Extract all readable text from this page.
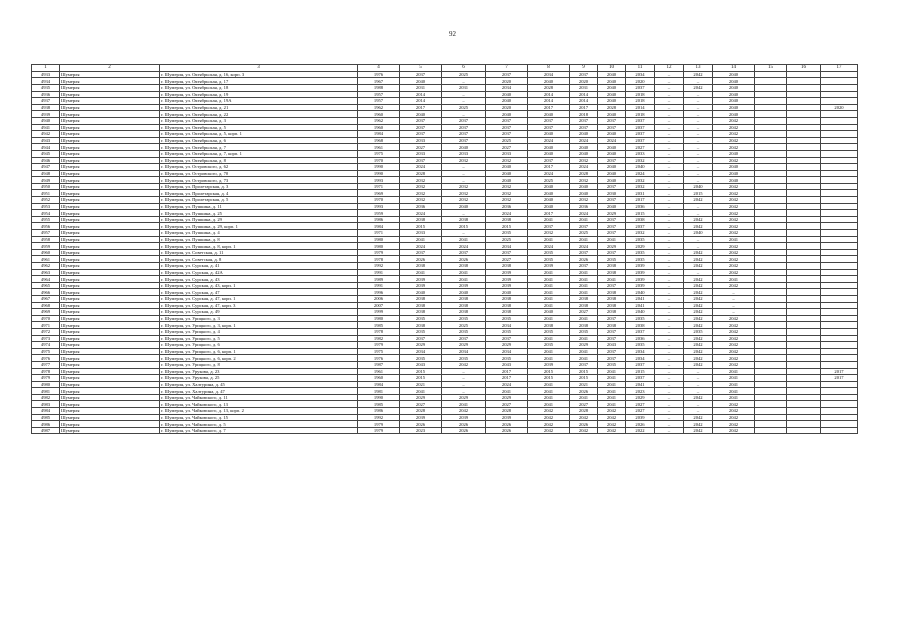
92
1	2	3	4	5	6	7	8	9	10	11	12	13	14	15	16	17
4933	Шумерля	г. Шумерля, ул. Октябрьская, д. 16, корп. 3	1976	2037	2025	2037	2034	2037	2040	2034	–	2042	2040			
4934	Шумерля	г. Шумерля, ул. Октябрьская, д. 17	1967	2040	–	2020	2040	2020	2040	2020	–	–	2040			
4935	Шумерля	г. Шумерля, ул. Октябрьская, д. 18	1988	2031	2031	2034	2028	2031	2040	2037	–	2042	2040			
4936	Шумерля	г. Шумерля, ул. Октябрьская, д. 19	1957	2014	–	2040	2014	2014	2040	2018	–	–	2040			
4937	Шумерля	г. Шумерля, ул. Октябрьская, д. 19А	1957	2014	–	2040	2014	2014	2040	2018	–	–	2040			
4938	Шумерля	г. Шумерля, ул. Октябрьская, д. 21	1962	2017	2025	2020	2017	2017	2028	2014	–	–	2040			2020
4939	Шумерля	г. Шумерля, ул. Октябрьская, д. 22	1960	2040	–	2040	2040	2018	2040	2018	–	–	2040			
4940	Шумерля	г. Шумерля, ул. Октябрьская, д. 3	1962	2037	2037	2037	2037	2037	2037	2037	–	–	2042			
4941	Шумерля	г. Шумерля, ул. Октябрьская, д. 5	1960	2037	2037	2037	2037	2037	2037	2037	–	–	2042			
4942	Шумерля	г. Шумерля, ул. Октябрьская, д. 5, корп. 1	1984	2037	2037	2037	2040	2040	2040	2037	–	–	2042			
4943	Шумерля	г. Шумерля, ул. Октябрьская, д. 6	1968	2033	2037	2025	2024	2024	2024	2037	–	–	2042			
4944	Шумерля	г. Шумерля, ул. Октябрьская, д. 7	1961	2027	2040	2027	2040	2040	2040	2027	–	–	2042			
4945	Шумерля	г. Шумерля, ул. Октябрьская, д. 7, корп. 1	1975	2033	2033	2033	2040	2040	2040	2033	–	–	2040			
4946	Шумерля	г. Шумерля, ул. Октябрьская, д. 8	1970	2037	2032	2032	2037	2032	2037	2032	–	–	2042			
4947	Шумерля	г. Шумерля, ул. Островского, д. 62	1990	2024	–	2040	2017	2024	2040	2040	–	–	2040			
4948	Шумерля	г. Шумерля, ул. Островского, д. 70	1990	2028	–	2040	2024	2028	2040	2024	–	–	2040			
4949	Шумерля	г. Шумерля, ул. Островского, д. 73	1993	2032	–	2040	2025	2032	2040	2032	–	–	2040			
4950	Шумерля	г. Шумерля, ул. Пролетарская, д. 3	1971	2032	2032	2032	2040	2040	2037	2032	–	2040	2042			
4951	Шумерля	г. Шумерля, ул. Пролетарская, д. 4	1969	2032	2032	2032	2040	2040	2030	2031	–	2015	2042			
4952	Шумерля	г. Шумерля, ул. Пролетарская, д. 5	1970	2032	2032	2032	2040	2032	2037	2017	–	2042	2042			
4953	Шумерля	г. Шумерля, ул. Пушкина, д. 11	1993	2036	2040	2036	2040	2036	2040	2036	–	–	2042			
4954	Шумерля	г. Шумерля, ул. Пушкина, д. 25	1959	2024	–	2024	2017	2024	2029	2015	–	–	2042			
4955	Шумерля	г. Шумерля, ул. Пушкина, д. 29	1986	2038	2038	2038	2041	2041	2037	2038	–	2042	2042			
4956	Шумерля	г. Шумерля, ул. Пушкина, д. 29, корп. 1	1984	2015	2015	2015	2037	2037	2037	2037	–	2042	2042			
4957	Шумерля	г. Шумерля, ул. Пушкина, д. 4	1971	2033	–	2035	2032	2025	2037	2032	–	2040	2042			
4958	Шумерля	г. Шумерля, ул. Пушкина, д. 8	1980	2041	2041	2025	2041	2041	2041	2035	–	–	2041			
4959	Шумерля	г. Шумерля, ул. Пушкина, д. 8, корп. 1	1980	2024	2024	2034	2024	2024	2029	2029	–	–	2042			
4960	Шумерля	г. Шумерля, ул. Советская, д. 11	1979	2037	2037	2037	2035	2037	2037	2035	–	2042	2042			
4961	Шумерля	г. Шумерля, ул. Советская, д. 8	1978	2026	2026	2027	2035	2026	2035	2035	–	2042	2042			
4962	Шумерля	г. Шумерля, ул. Сурская, д. 41	1992	2038	2038	2038	2039	2037	2038	2039	–	2042	2042			
4963	Шумерля	г. Шумерля, ул. Сурская, д. 42А	1991	2041	2041	2039	2041	2041	2038	2039	–	–	2042			
4964	Шумерля	г. Шумерля, ул. Сурская, д. 43	1989	2039	2041	2039	2041	2041	2041	2039	–	2042	2041			
4965	Шумерля	г. Шумерля, ул. Сурская, д. 43, корп. 1	1991	2039	2039	2039	2041	2041	2037	2039	–	2042	2042			
4966	Шумерля	г. Шумерля, ул. Сурская, д. 47	1996	2040	2040	2040	2041	2041	2038	2040	–	2042	–			
4967	Шумерля	г. Шумерля, ул. Сурская, д. 47, корп. 1	2006	2038	2038	2038	2041	2038	2038	2041	–	2042	–			
4968	Шумерля	г. Шумерля, ул. Сурская, д. 47, корп. 3	2007	2038	2038	2038	2041	2038	2038	2041	–	2042	–			
4969	Шумерля	г. Шумерля, ул. Сурская, д. 49	1999	2038	2038	2038	2040	2027	2038	2040	–	2042	–			
4970	Шумерля	г. Шумерля, ул. Урицкого, д. 3	1980	2035	2035	2035	2041	2041	2037	2035	–	2042	2042			
4971	Шумерля	г. Шумерля, ул. Урицкого, д. 3, корп. 1	1985	2038	2025	2034	2038	2038	2038	2038	–	2042	2042			
4972	Шумерля	г. Шумерля, ул. Урицкого, д. 4	1978	2035	2035	2035	2035	2035	2037	2037	–	2035	2042			
4973	Шумерля	г. Шумерля, ул. Урицкого, д. 5	1982	2037	2037	2037	2041	2041	2037	2036	–	2042	2042			
4974	Шумерля	г. Шумерля, ул. Урицкого, д. 6	1979	2029	2029	2029	2035	2029	2043	2035	–	2042	2042			
4975	Шумерля	г. Шумерля, ул. Урицкого, д. 6, корп. 1	1975	2034	2034	2034	2041	2041	2037	2034	–	2042	2042			
4976	Шумерля	г. Шумерля, ул. Урицкого, д. 6, корп. 2	1976	2035	2035	2035	2041	2041	2037	2034	–	2042	2042			
4977	Шумерля	г. Шумерля, ул. Урицкого, д. 8	1987	2043	2042	2043	2039	2037	2035	2037	–	2042	2042			
4978	Шумерля	г. Шумерля, ул. Урукова, д. 23	1961	2015	–	2017	2015	2015	2041	2015	–	–	2041			2017
4979	Шумерля	г. Шумерля, ул. Урукова, д. 25	1960	2015	–	2017	2015	2015	2041	2037	–	–	2041			2017
4980	Шумерля	г. Шумерля, ул. Халтурина, д. 45	1984	2021	–	2024	2041	2021	2041	2041	–	–	2041			
4981	Шумерля	г. Шумерля, ул. Халтурина, д. 47	1981	2041	–	2041	2041	2026	2041	2023	–	–	2041			
4982	Шумерля	г. Шумерля, ул. Чайковского, д. 11	1990	2029	2029	2029	2041	2041	2041	2029	–	2042	2041			
4983	Шумерля	г. Шумерля, ул. Чайковского, д. 13	1985	2027	2041	2027	2041	2027	2041	2027	–	–	2042			
4984	Шумерля	г. Шумерля, ул. Чайковского, д. 13, корп. 2	1986	2028	2042	2028	2042	2028	2042	2027	–	–	2042			
4985	Шумерля	г. Шумерля, ул. Чайковского, д. 15	1992	2039	2039	2039	2042	2042	2042	2039	–	2042	2042			
4986	Шумерля	г. Шумерля, ул. Чайковского, д. 5	1979	2026	2026	2026	2042	2026	2042	2026	–	2042	2042			
4987	Шумерля	г. Шумерля, ул. Чайковского, д. 7	1979	2023	2026	2026	2042	2042	2042	2022	–	2042	2042			
